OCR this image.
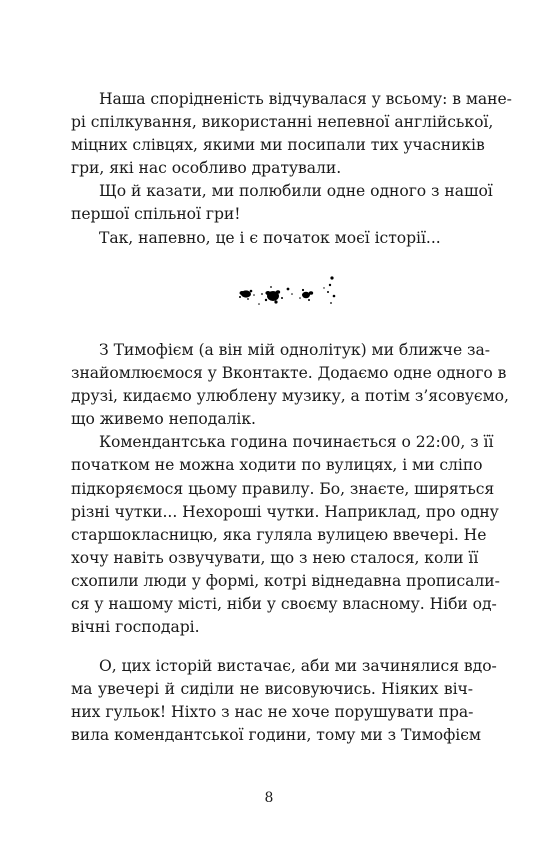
Наша спорідненість відчувалася у всьому: в мане-
рі спілкування, використанні непевної англійської,
міцних слівцях, якими ми посипали тих учасників
гри, які нас особливо дратували.
Що й казати, ми полюбили одне одного з нашої
першої спільної гри!
Так, напевно, це і є початок моєї історії...
З Тимофієм (а він мій однолітук) ми ближче за-
знайомлюємося у Вконтакте. Додаємо одне одного в
друзі, кидаємо улюблену музику, а потім з’ясовуємо,
що живемо неподалік.
Комендантська година починається о 22:00, з її
початком не можна ходити по вулицях, і ми сліпо
підкоряємося цьому правилу. Бо, знаєте, ширяться
різні чутки... Нехороші чутки. Наприклад, про одну
старшокласницю, яка гуляла вулицею ввечері. Не
хочу навіть озвучувати, що з нею сталося, коли її
схопили люди у формі, котрі віднедавна прописали-
ся у нашому місті, ніби у своєму власному. Ніби од-
вічні господарі.
О, цих історій вистачає, аби ми зачинялися вдо-
ма увечері й сиділи не висовуючись. Ніяких віч-
них гульок! Ніхто з нас не хоче порушувати пра-
вила комендантської години, тому ми з Тимофієм
8
